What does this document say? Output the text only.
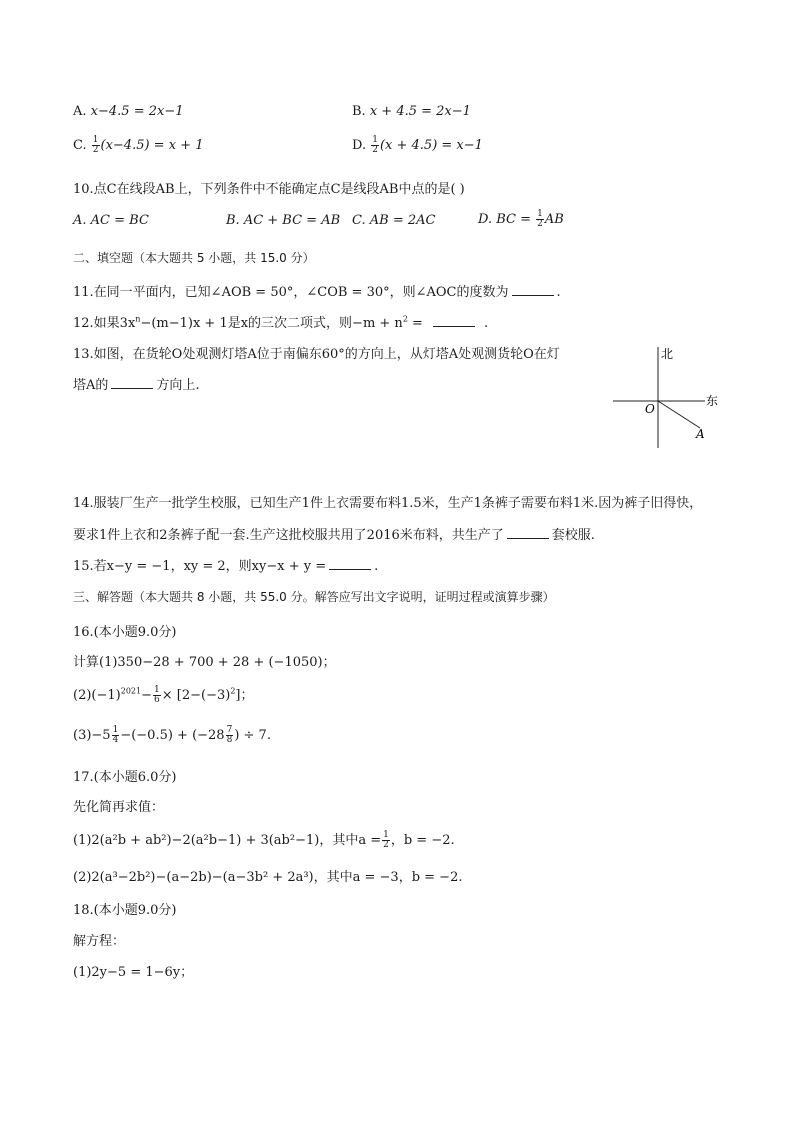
A. x−4.5 = 2x−1	B. x + 4.5 = 2x−1
C. $\frac{1}{2} (x-4.5) = x + 1$	D. $\frac{1}{2} (x + 4.5) = x-1$
10.点C在线段AB上，下列条件中不能确定点C是线段AB中点的是( )
A. AC = BC	B. AC + BC = AB C. AB = 2AC	D. BC = $\frac{1}{2}$ AB
二、填空题（本大题共 5 小题，共 15.0 分）
11.在同一平面内，已知∠AOB = 50°，∠COB = 30°，则∠AOC的度数为	.
12.如果$3x^n-(m-1)x + 1$是x的三次二项式，则$-m + n^2$ =	.
13.如图，在货轮O处观测灯塔A位于南偏东60°的方向上，从灯塔A处观测货轮O在灯
塔A的	方向上.
北
东
O
A
14.服装厂生产一批学生校服，已知生产1件上衣需要布料1.5米，生产1条裤子需要布料1米.因为裤子旧得快，
要求1件上衣和2条裤子配一套.生产这批校服共用了2016米布料，共生产了	套校服.
15.若x−y = −1，xy = 2，则xy−x + y =	.
三、解答题（本大题共 8 小题，共 55.0 分。解答应写出文字说明，证明过程或演算步骤）
16.(本小题9.0分)
计算(1)350−28 + 700 + 28 + (−1050)；
$(2)(-1)^{2021}- \frac{1}{6} \times [2-(-3)^2]$；
$(3)-5 \frac{1}{4} -(-0.5) + (-28 \frac{7}{8}$ ) ÷ 7.
17.(本小题6.0分)
先化简再求值：
(1)2(a²b + ab²)−2(a²b−1) + 3(ab²−1)，其中$a = \frac{1}{2}$ ，b = −2.
(2)2(a³−2b²)−(a−2b)−(a−3b² + 2a³)，其中a = −3，b = −2.
18.(本小题9.0分)
解方程：
(1)2y−5 = 1−6y；
